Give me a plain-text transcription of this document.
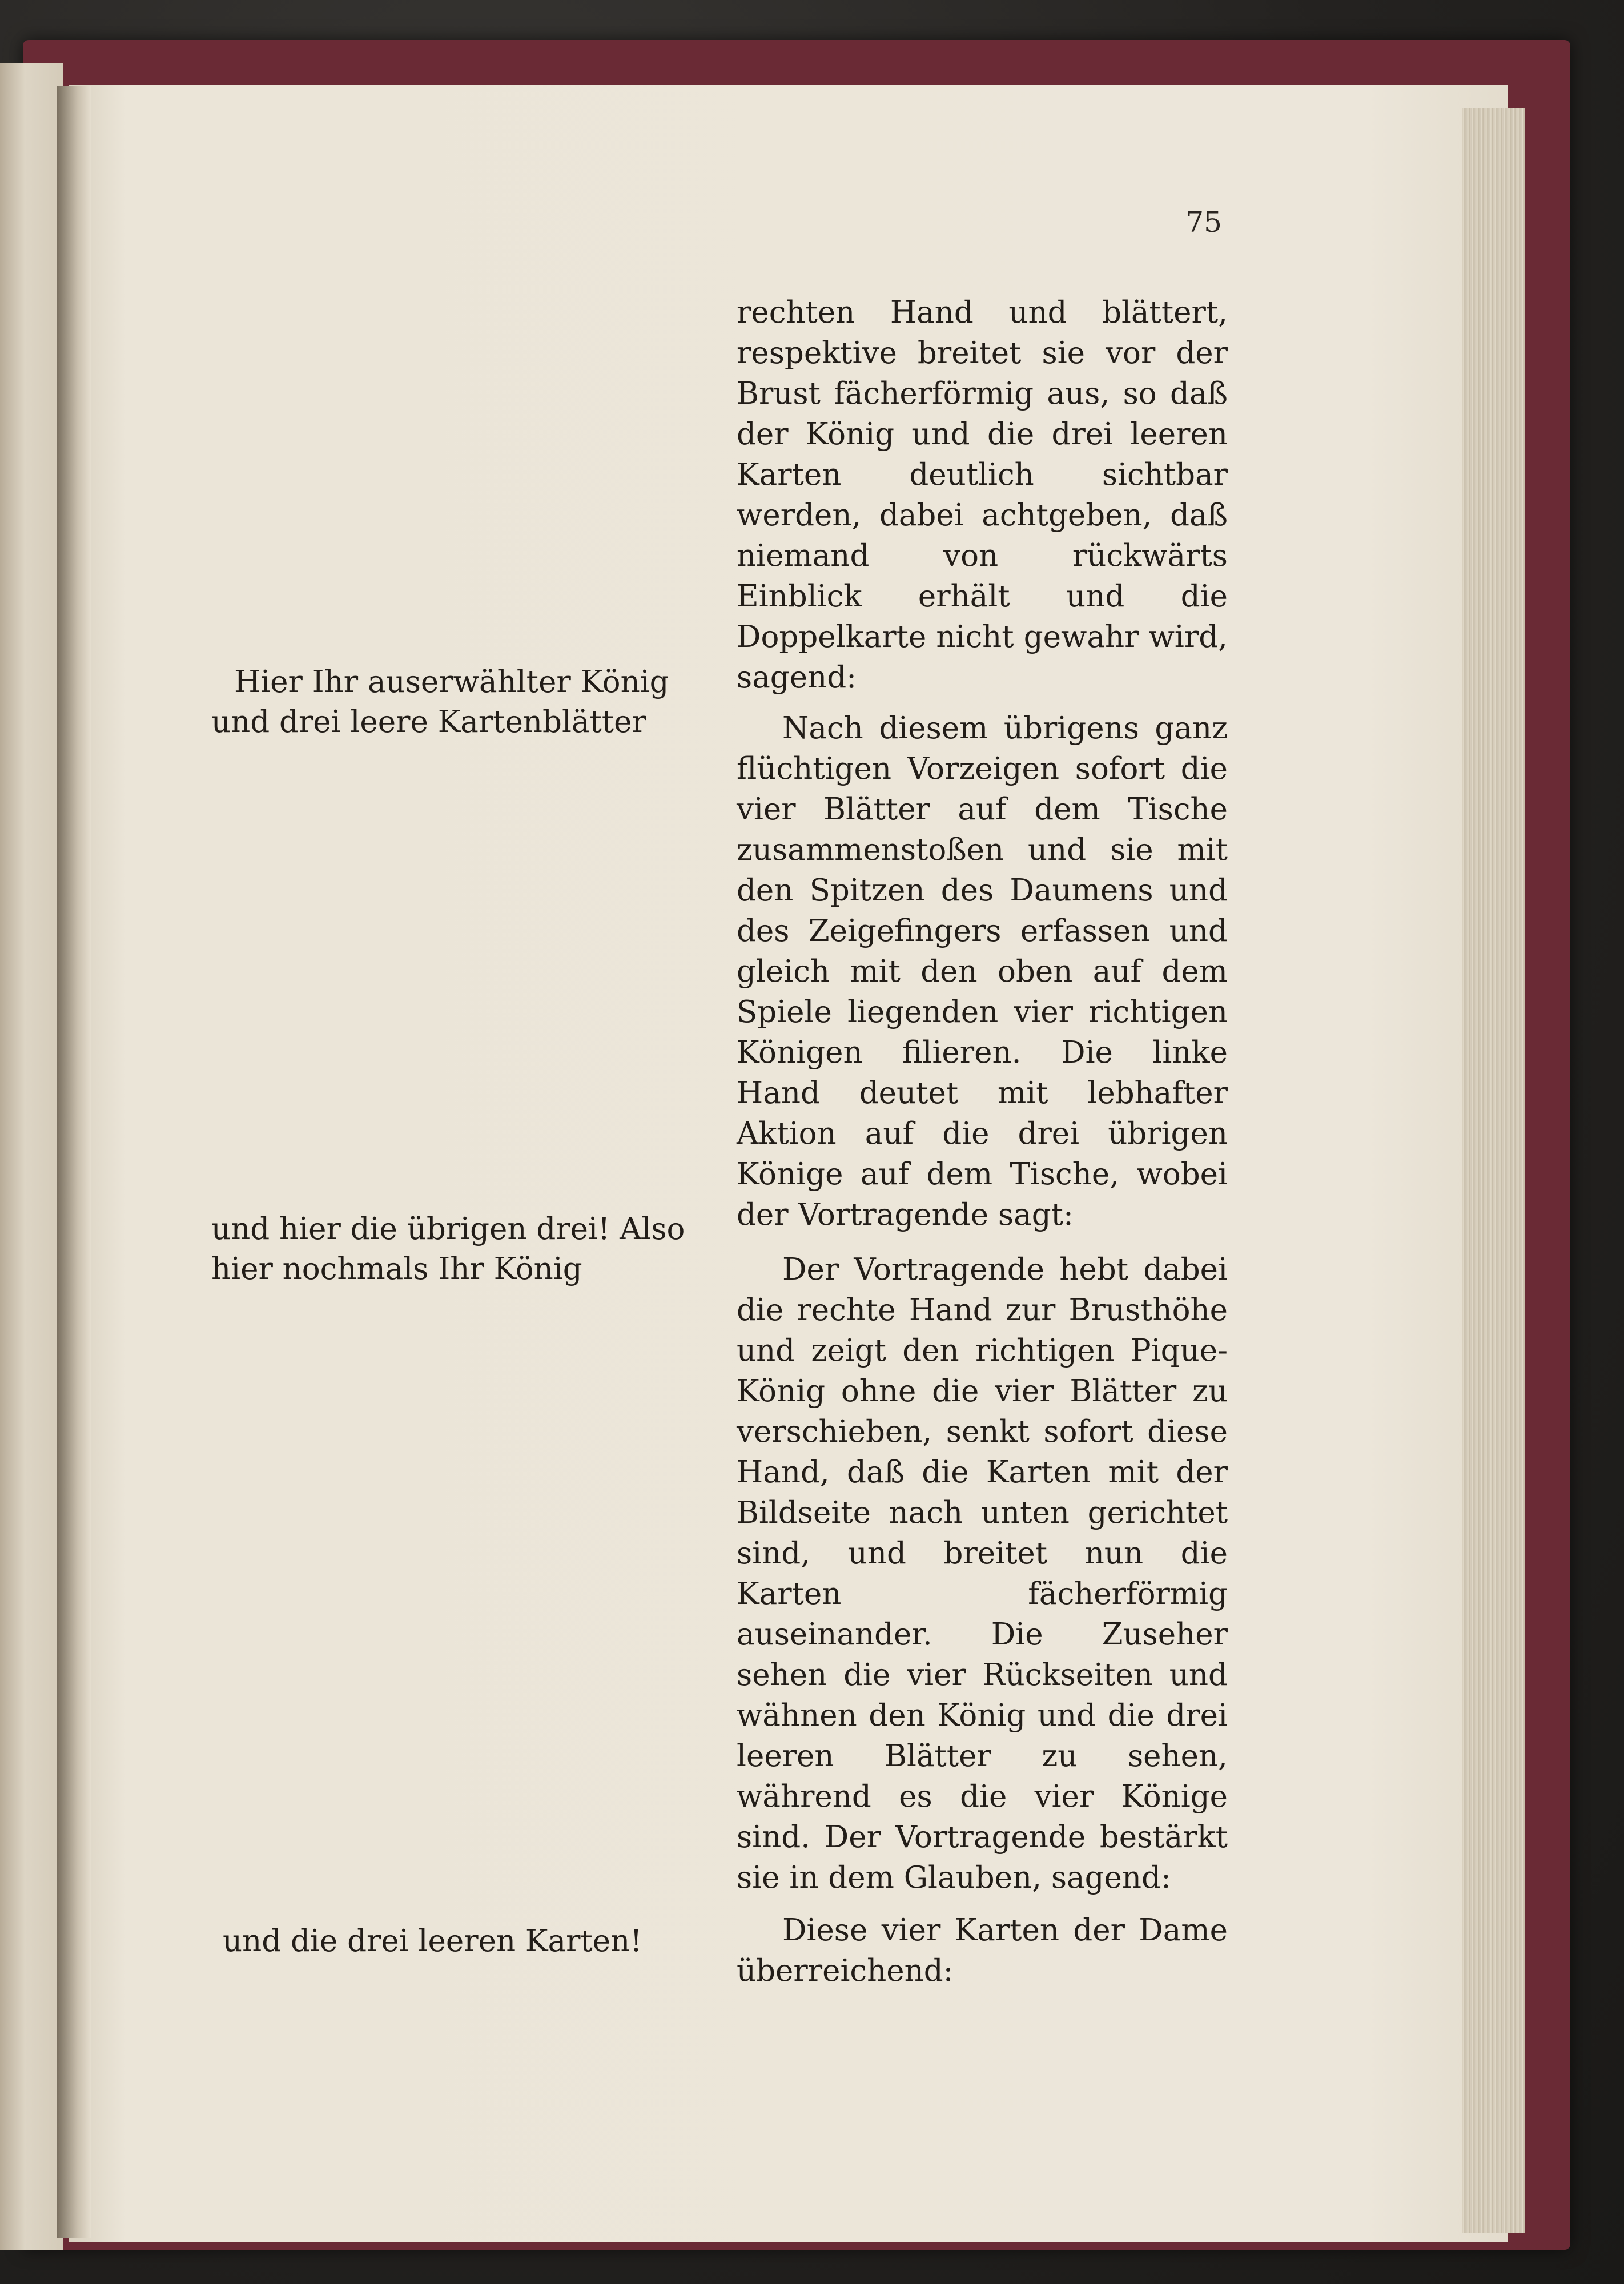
75
Hier Ihr auserwählter König
und drei leere Kartenblätter
und hier die übrigen drei! Also
hier nochmals Ihr König
und die drei leeren Karten!

rechten Hand und blättert, respektive breitet sie vor der Brust fächerförmig aus, so daß der König und die drei leeren Karten deutlich sichtbar werden, dabei achtgeben, daß niemand von rückwärts Einblick erhält und die Doppelkarte nicht gewahr wird, sagend:

Nach diesem übrigens ganz flüchtigen Vorzeigen sofort die vier Blätter auf dem Tische zusammenstoßen und sie mit den Spitzen des Daumens und des Zeigefingers erfassen und gleich mit den oben auf dem Spiele liegenden vier richtigen Königen filieren. Die linke Hand deutet mit lebhafter Aktion auf die drei übrigen Könige auf dem Tische, wobei der Vortragende sagt:

Der Vortragende hebt dabei die rechte Hand zur Brusthöhe und zeigt den richtigen Pique-König ohne die vier Blätter zu verschieben, senkt sofort diese Hand, daß die Karten mit der Bildseite nach unten gerichtet sind, und breitet nun die Karten fächerförmig auseinander. Die Zuseher sehen die vier Rückseiten und wähnen den König und die drei leeren Blätter zu sehen, während es die vier Könige sind. Der Vortragende bestärkt sie in dem Glauben, sagend:

Diese vier Karten der Dame überreichend:
